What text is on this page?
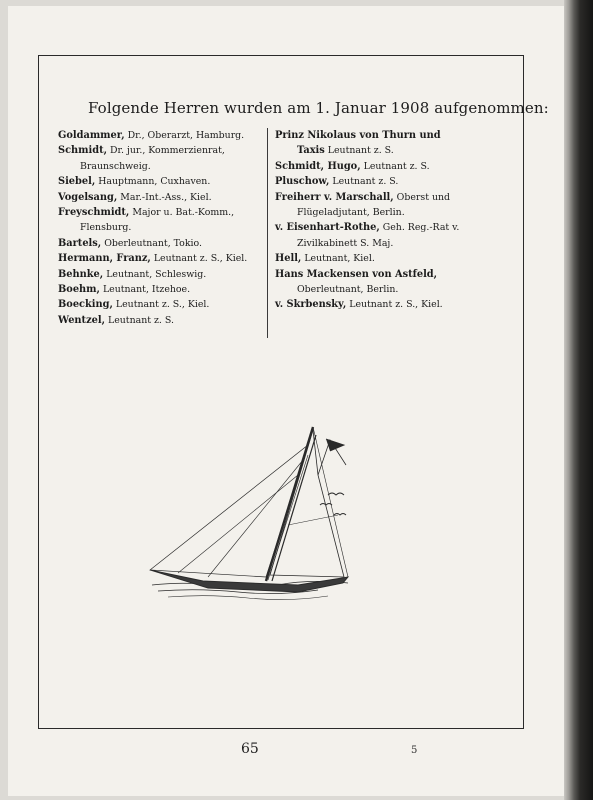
Folgende Herren wurden am 1. Januar 1908 aufgenommen:
Goldammer, Dr., Oberarzt, Hamburg.
Schmidt, Dr. jur., Kommerzienrat, Braunschweig.
Siebel, Hauptmann, Cuxhaven.
Vogelsang, Mar.-Int.-Ass., Kiel.
Freyschmidt, Major u. Bat.-Komm., Flensburg.
Bartels, Oberleutnant, Tokio.
Hermann, Franz, Leutnant z. S., Kiel.
Behnke, Leutnant, Schleswig.
Boehm, Leutnant, Itzehoe.
Boecking, Leutnant z. S., Kiel.
Wentzel, Leutnant z. S.
Prinz Nikolaus von Thurn und Taxis Leutnant z. S.
Schmidt, Hugo, Leutnant z. S.
Pluschow, Leutnant z. S.
Freiherr v. Marschall, Oberst und Flügeladjutant, Berlin.
v. Eisenhart-Rothe, Geh. Reg.-Rat v. Zivilkabinett S. Maj.
Hell, Leutnant, Kiel.
Hans Mackensen von Astfeld, Oberleutnant, Berlin.
v. Skrbensky, Leutnant z. S., Kiel.
65	5
